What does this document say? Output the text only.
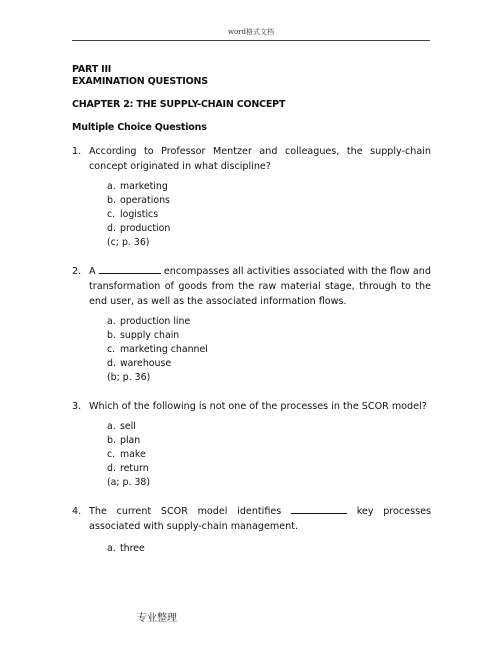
word格式文档
PART III
EXAMINATION QUESTIONS
CHAPTER 2: THE SUPPLY-CHAIN CONCEPT
Multiple Choice Questions
1. According to Professor Mentzer and colleagues, the supply-chain concept originated in what discipline?
a. marketing
b. operations
c. logistics
d. production
(c; p. 36)
2. A	encompasses all activities associated with the flow and transformation of goods from the raw material stage, through to the end user, as well as the associated information flows.
a. production line
b. supply chain
c. marketing channel
d. warehouse
(b; p. 36)
3. Which of the following is not one of the processes in the SCOR model?
a. sell
b. plan
c. make
d. return
(a; p. 38)
4. The current SCOR model identifies	key processes associated with supply-chain management.
a. three
专业整理
